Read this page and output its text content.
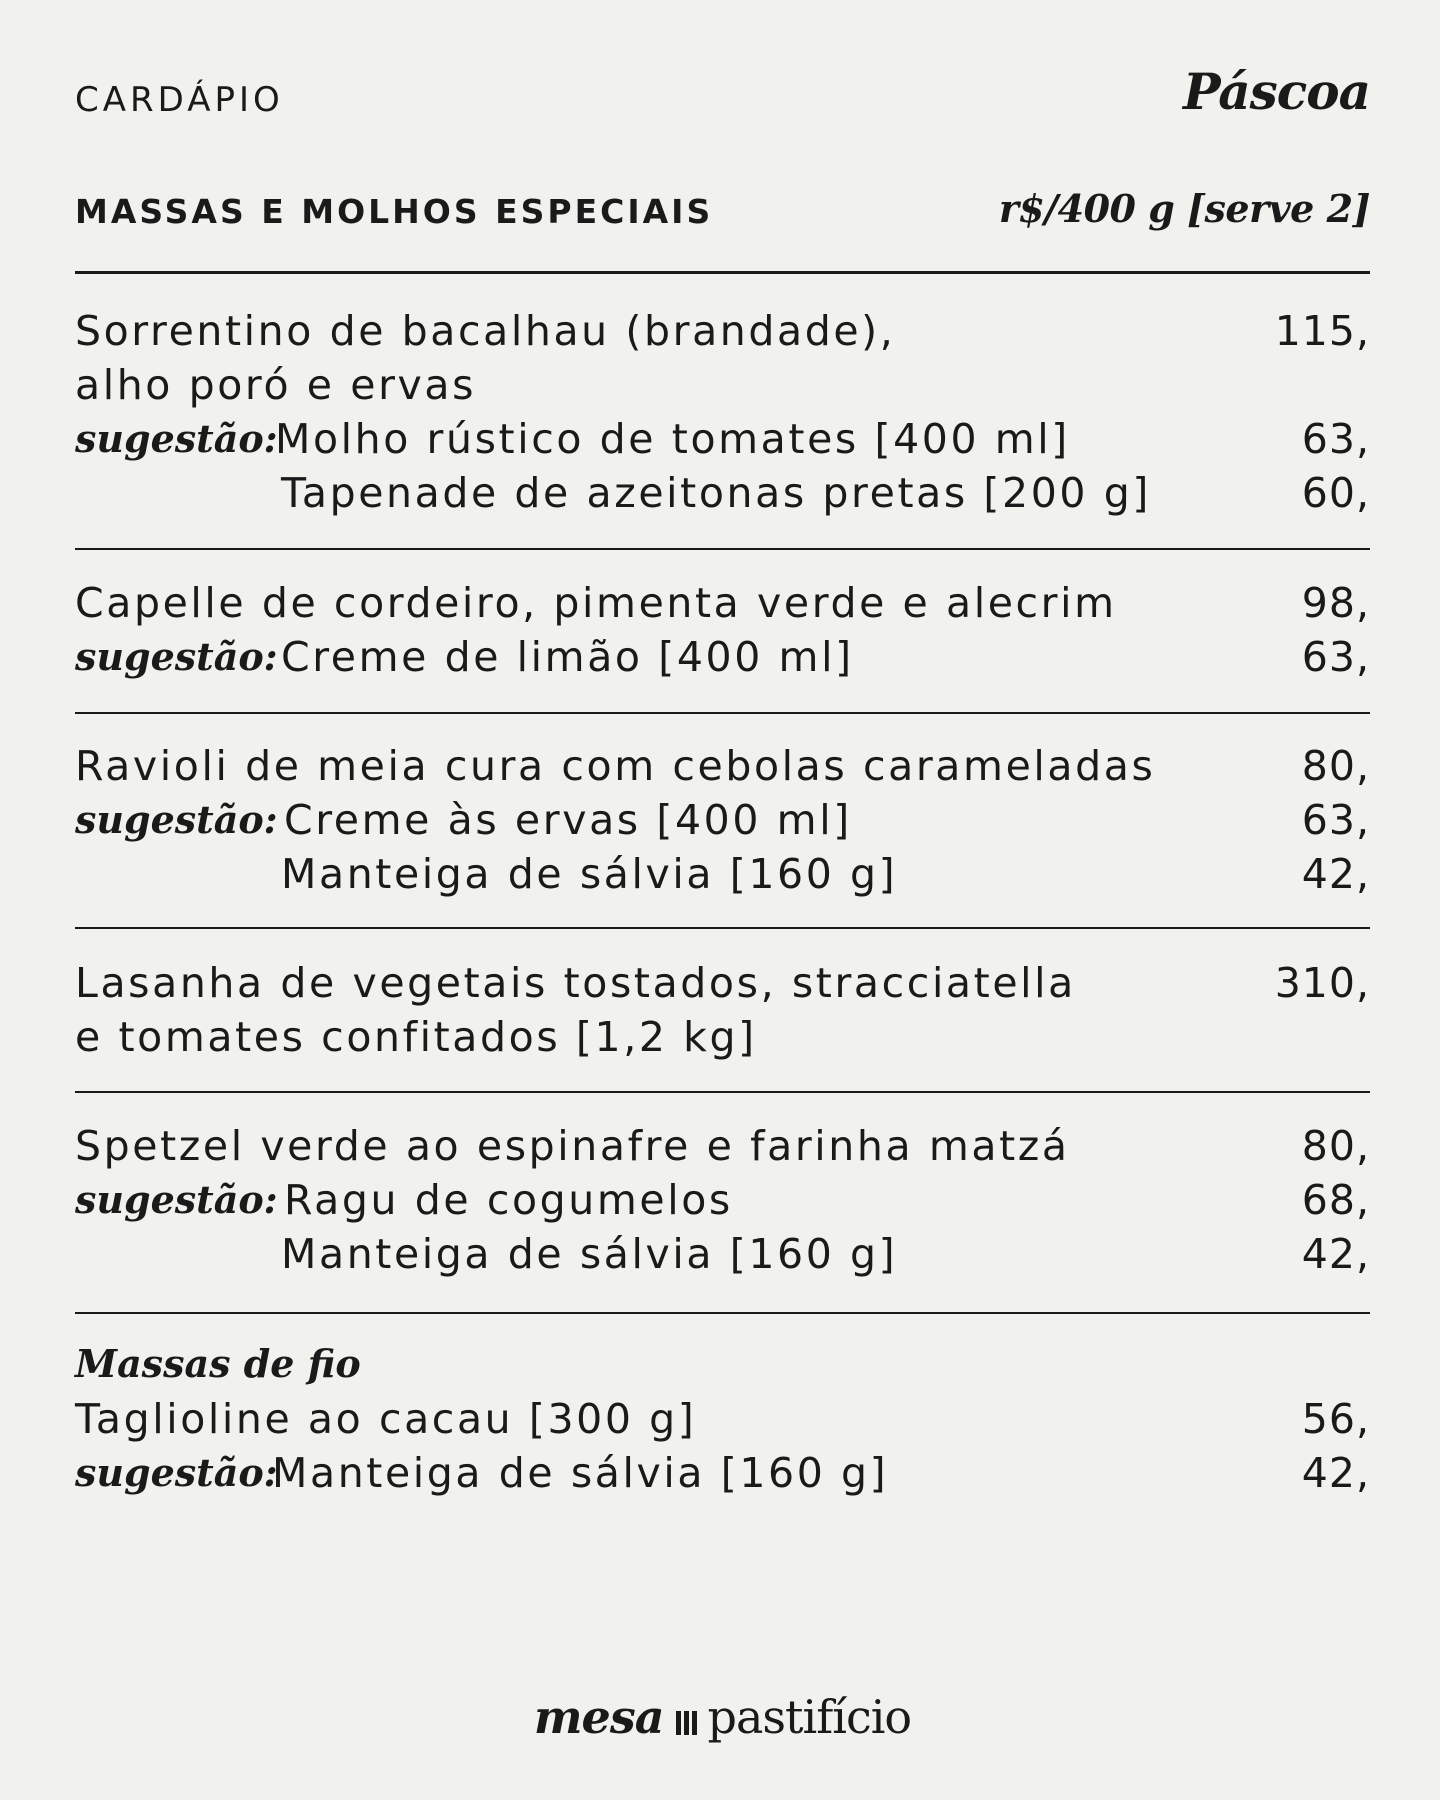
CARDÁPIO	Páscoa
MASSAS E MOLHOS ESPECIAIS	r$/400 g [serve 2]
Sorrentino de bacalhau (brandade),	115,
alho poró e ervas
sugestão:
Molho rústico de tomates [400 ml]	63,
Tapenade de azeitonas pretas [200 g]	60,
Capelle de cordeiro, pimenta verde e alecrim	98,
sugestão: Creme de limão [400 ml]	63,
Ravioli de meia cura com cebolas carameladas	80,
sugestão: Creme às ervas [400 ml]	63,
Manteiga de sálvia [160 g]	42,
Lasanha de vegetais tostados, stracciatella	310,
e tomates confitados [1,2 kg]
Spetzel verde ao espinafre e farinha matzá	80,
sugestão: Ragu de cogumelos	68,
Manteiga de sálvia [160 g]	42,
Massas de fio
Taglioline ao cacau [300 g]	56,
sugestão:
Manteiga de sálvia [160 g]	42,
mesa pastifício
